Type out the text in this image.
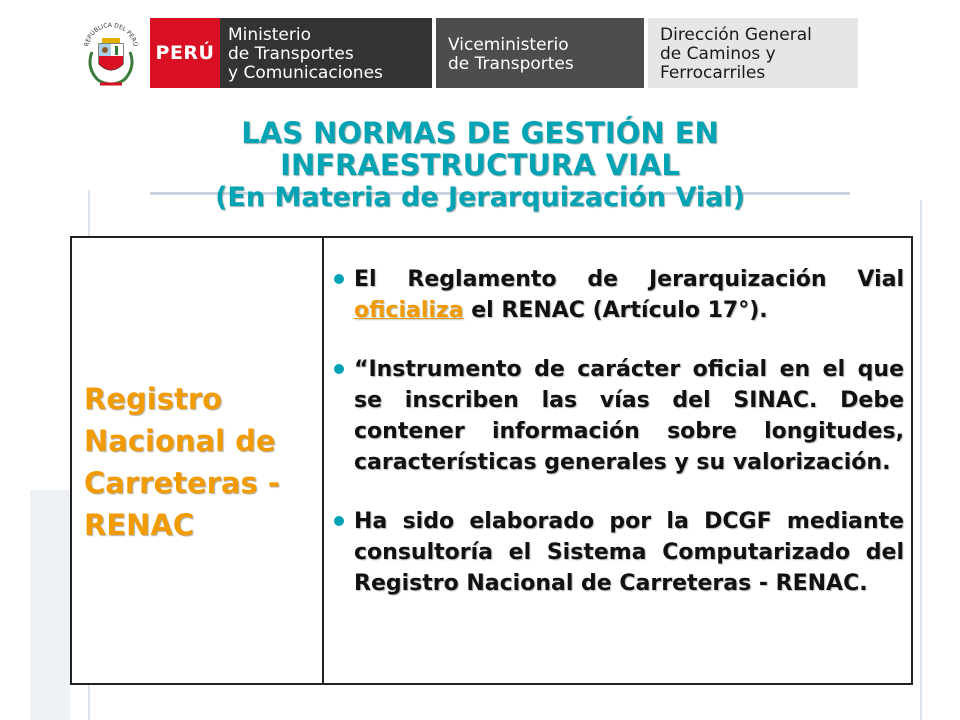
REPÚBLICA DEL PERÚ PERÚ
Ministerio
de Transportes
y Comunicaciones
Viceministerio
de Transportes
Dirección General
de Caminos y
Ferrocarriles
LAS NORMAS DE GESTIÓN EN
INFRAESTRUCTURA VIAL
(En Materia de Jerarquización Vial)
Registro Nacional de Carreteras - RENAC
El Reglamento de Jerarquización Vial oficializa el RENAC (Artículo 17°).
“Instrumento de carácter oficial en el que se inscriben las vías del SINAC. Debe contener información sobre longitudes, características generales y su valorización.
Ha sido elaborado por la DCGF mediante consultoría el Sistema Computarizado del Registro Nacional de Carreteras - RENAC.
